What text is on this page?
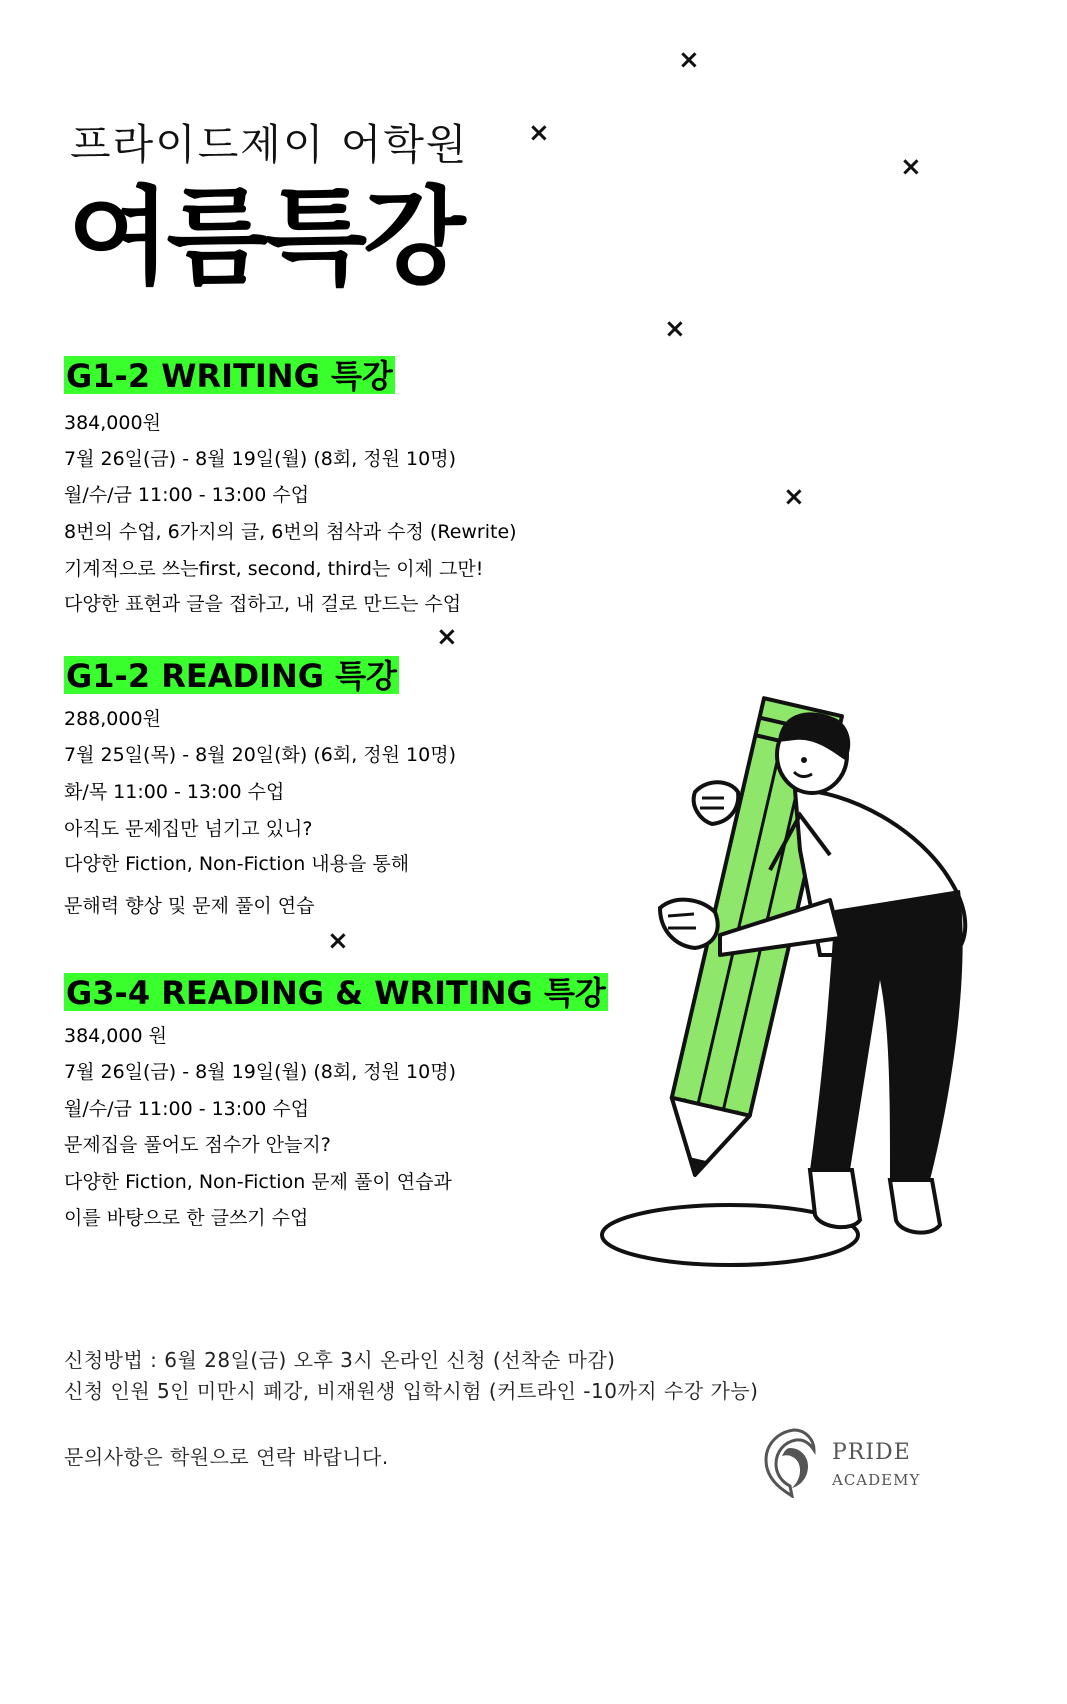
프라이드제이 어학원
여름특강
×
×
×
×
×
×
×
G1-2 WRITING 특강
384,000원
7월 26일(금) - 8월 19일(월) (8회, 정원 10명)
월/수/금 11:00 - 13:00 수업
8번의 수업, 6가지의 글, 6번의 첨삭과 수정 (Rewrite)
기계적으로 쓰는first, second, third는 이제 그만!
다양한 표현과 글을 접하고, 내 걸로 만드는 수업
G1-2 READING 특강
288,000원
7월 25일(목) - 8월 20일(화) (6회, 정원 10명)
화/목 11:00 - 13:00 수업
아직도 문제집만 넘기고 있니?
다양한 Fiction, Non-Fiction 내용을 통해
문해력 향상 및 문제 풀이 연습
G3-4 READING & WRITING 특강
384,000 원
7월 26일(금) - 8월 19일(월) (8회, 정원 10명)
월/수/금 11:00 - 13:00 수업
문제집을 풀어도 점수가 안늘지?
다양한 Fiction, Non-Fiction 문제 풀이 연습과
이를 바탕으로 한 글쓰기 수업
신청방법 : 6월 28일(금) 오후 3시 온라인 신청 (선착순 마감)
신청 인원 5인 미만시 폐강, 비재원생 입학시험 (커트라인 -10까지 수강 가능)
문의사항은 학원으로 연락 바랍니다.	PRIDE
ACADEMY
